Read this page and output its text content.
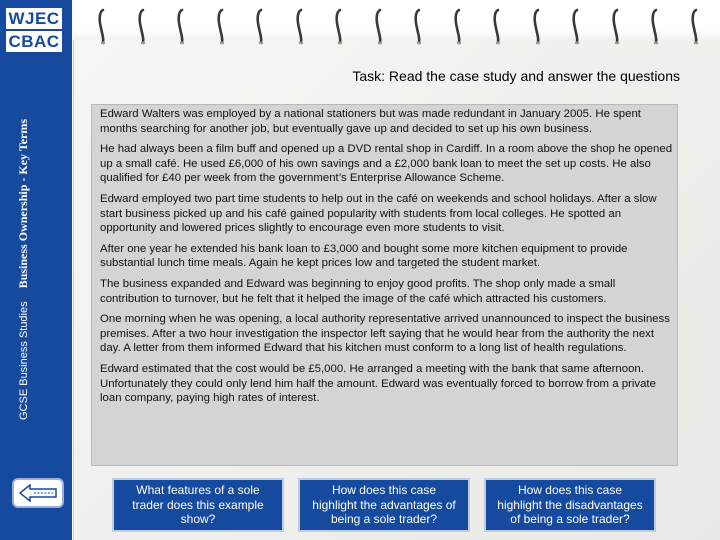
WJEC
CBAC
GCSE Business Studies Business Ownership - Key Terms
Task: Read the case study and answer the questions

Edward Walters was employed by a national stationers but was made redundant in January 2005. He spent months searching for another job, but eventually gave up and decided to set up his own business.

He had always been a film buff and opened up a DVD rental shop in Cardiff. In a room above the shop he opened up a small café. He used £6,000 of his own savings and a £2,000 bank loan to meet the set up costs. He also qualified for £40 per week from the government’s Enterprise Allowance Scheme.

Edward employed two part time students to help out in the café on weekends and school holidays. After a slow start business picked up and his café gained popularity with students from local colleges. He spotted an opportunity and lowered prices slightly to encourage even more students to visit.

After one year he extended his bank loan to £3,000 and bought some more kitchen equipment to provide substantial lunch time meals. Again he kept prices low and targeted the student market.

The business expanded and Edward was beginning to enjoy good profits. The shop only made a small contribution to turnover, but he felt that it helped the image of the café which attracted his customers.

One morning when he was opening, a local authority representative arrived unannounced to inspect the business premises. After a two hour investigation the inspector left saying that he would hear from the authority the next day. A letter from them informed Edward that his kitchen must conform to a long list of health regulations.

Edward estimated that the cost would be £5,000. He arranged a meeting with the bank that same afternoon. Unfortunately they could only lend him half the amount. Edward was eventually forced to borrow from a private loan company, paying high rates of interest.

What features of a sole trader does this example show?
How does this case highlight the advantages of being a sole trader?
How does this case highlight the disadvantages of being a sole trader?
